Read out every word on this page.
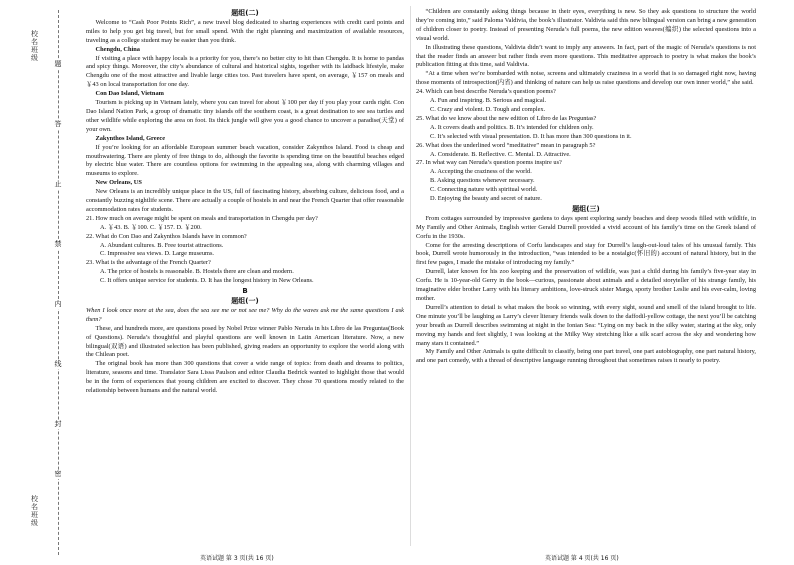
校 名 班 级
校 名 班 级
题
答
止
禁
内
线
封
密
题组(二)

Welcome to “Cash Poor Points Rich”, a new travel blog dedicated to sharing experiences with credit card points and miles to help you get big travel, but for small spend. With the right planning and maximization of available resources, traveling as a college student may be easier than you think.

Chengdu, China

If visiting a place with happy locals is a priority for you, there’s no better city to hit than Chengdu. It is home to pandas and spicy things. Moreover, the city’s abundance of cultural and historical sights, together with its laidback lifestyle, make Chengdu one of the most attractive and livable large cities too. Past travelers have spent, on average, ￥157 on meals and ￥43 on local transportation for one day.

Con Dao Island, Vietnam

Tourism is picking up in Vietnam lately, where you can travel for about ￥100 per day if you play your cards right. Con Dao Island Nation Park, a group of dramatic tiny islands off the southern coast, is a great destination to see sea turtles and other wildlife while exploring the area on foot. Its thick jungle will give you a good chance to uncover a paradise(天堂) of your own.

Zakynthos Island, Greece

If you’re looking for an affordable European summer beach vacation, consider Zakynthos Island. Food is cheap and mouthwatering. There are plenty of free things to do, although the favorite is spending time on the beautiful beaches edged by electric blue water. There are countless options for swimming in the appealing sea, along with charming villages and museums to explore.

New Orleans, US

New Orleans is an incredibly unique place in the US, full of fascinating history, absorbing culture, delicious food, and a constantly buzzing nightlife scene. There are actually a couple of hostels in and near the French Quarter that offer reasonable accommodation rates for students.

21. How much on average might be spent on meals and transportation in Chengdu per day?

A. ￥43. B. ￥100. C. ￥157. D. ￥200.

22. What do Con Dao and Zakynthos Islands have in common?

A. Abundant cultures. B. Free tourist attractions.

C. Impressive sea views. D. Large museums.

23. What is the advantage of the French Quarter?

A. The price of hostels is reasonable. B. Hostels there are clean and modern.

C. It offers unique service for students. D. It has the longest history in New Orleans.

B
题组(一)

When I look once more at the sea, does the sea see me or not see me? Why do the waves ask me the same questions I ask them?

These, and hundreds more, are questions posed by Nobel Prize winner Pablo Neruda in his Libro de las Preguntas(Book of Questions). Neruda’s thoughtful and playful questions are well known in Latin American literature. Now, a new bilingual(双语) and illustrated selection has been published, giving readers an opportunity to explore the world along with the Chilean poet.

The original book has more than 300 questions that cover a wide range of topics: from death and dreams to politics, literature, seasons and time. Translator Sara Lissa Paulson and editor Claudia Bedrick wanted to highlight those that would be in the form of experiences that young children are excited to discover. They chose 70 questions mostly related to the relationship between humans and the natural world.

英语试题 第 3 页(共 16 页)

“Children are constantly asking things because in their eyes, everything is new. So they ask questions to structure the world they’re coming into,” said Paloma Valdivia, the book’s illustrator. Valdivia said this new bilingual version can bring a new generation of children closer to poetry. Instead of presenting Neruda’s full poems, the new edition weaves(编织) the selected questions into a visual world.

In illustrating these questions, Valdivia didn’t want to imply any answers. In fact, part of the magic of Neruda’s questions is not that the reader finds an answer but rather finds even more questions. This meditative approach to poetry is what makes the book’s publication fitting at this time, said Valdivia.

“At a time when we’re bombarded with noise, screens and ultimately craziness in a world that is so damaged right now, having those moments of introspection(内省) and thinking of nature can help us raise questions and develop our own inner world,” she said.

24. Which can best describe Neruda’s question poems?

A. Fun and inspiring. B. Serious and magical.

C. Crazy and violent. D. Tough and complex.

25. What do we know about the new edition of Libro de las Preguntas?

A. It covers death and politics. B. It’s intended for children only.

C. It’s selected with visual presentation. D. It has more than 300 questions in it.

26. What does the underlined word “meditative” mean in paragraph 5?

A. Considerate. B. Reflective. C. Mental. D. Attractive.

27. In what way can Neruda’s question poems inspire us?

A. Accepting the craziness of the world.

B. Asking questions whenever necessary.

C. Connecting nature with spiritual world.

D. Enjoying the beauty and secret of nature.

题组(三)

From cottages surrounded by impressive gardens to days spent exploring sandy beaches and deep woods filled with wildlife, in My Family and Other Animals, English writer Gerald Durrell provided a vivid account of his family’s time on the Greek island of Corfu in the 1930s.

Come for the arresting descriptions of Corfu landscapes and stay for Durrell’s laugh-out-loud tales of his unusual family. This book, Durrell wrote humorously in the introduction, “was intended to be a nostalgic(怀旧的) account of natural history, but in the first few pages, I made the mistake of introducing my family.”

Durrell, later known for his zoo keeping and the preservation of wildlife, was just a child during his family’s five-year stay in Corfu. He is 10-year-old Gerry in the book—curious, passionate about animals and a detailed storyteller of his strange family, his imaginative elder brother Larry with his literary ambitions, love-struck sister Marga, sporty brother Leslie and his ever-calm, loving mother.

Durrell’s attention to detail is what makes the book so winning, with every sight, sound and smell of the island brought to life. One minute you’ll be laughing as Larry’s clever literary friends walk down to the daffodil-yellow cottage, the next you’ll be catching your breath as Durrell describes swimming at night in the Ionian Sea: “Lying on my back in the silky water, staring at the sky, only moving my hands and feet slightly, I was looking at the Milky Way stretching like a silk scarf across the sky and wondering how many stars it contained.”

My Family and Other Animals is quite difficult to classify, being one part travel, one part autobiography, one part natural history, and one part comedy, with a thread of descriptive language running throughout that sometimes raises it nearly to poetry.

英语试题 第 4 页(共 16 页)
